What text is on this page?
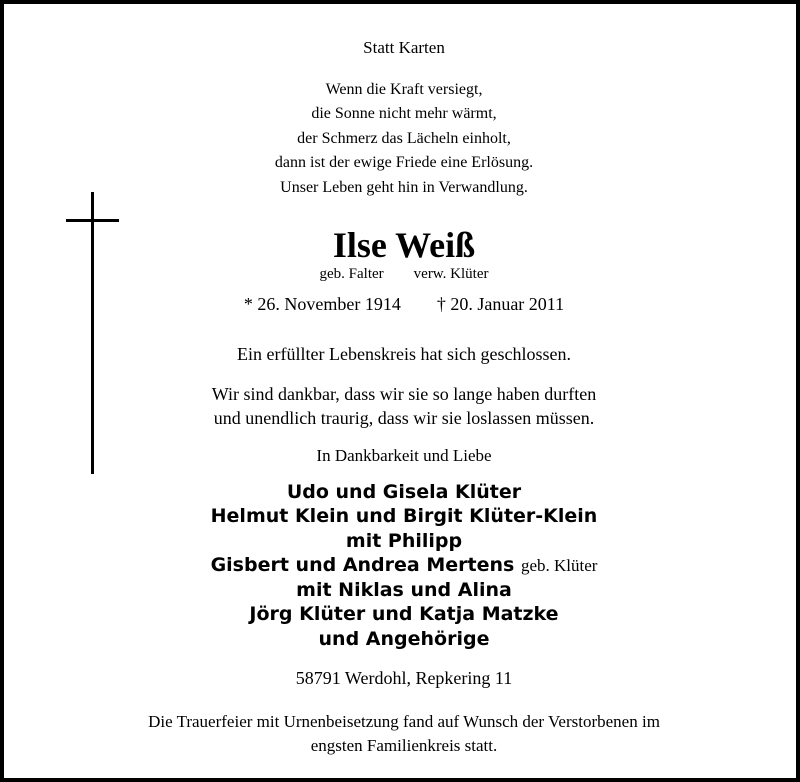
Statt Karten
Wenn die Kraft versiegt,
die Sonne nicht mehr wärmt,
der Schmerz das Lächeln einholt,
dann ist der ewige Friede eine Erlösung.
Unser Leben geht hin in Verwandlung.
Ilse Weiß
geb. Falter verw. Klüter
* 26. November 1914 † 20. Januar 2011
Ein erfüllter Lebenskreis hat sich geschlossen.
Wir sind dankbar, dass wir sie so lange haben durften
und unendlich traurig, dass wir sie loslassen müssen.
In Dankbarkeit und Liebe
Udo und Gisela Klüter
Helmut Klein und Birgit Klüter-Klein
mit Philipp
Gisbert und Andrea Mertens geb. Klüter
mit Niklas und Alina
Jörg Klüter und Katja Matzke
und Angehörige
58791 Werdohl, Repkering 11
Die Trauerfeier mit Urnenbeisetzung fand auf Wunsch der Verstorbenen im
engsten Familienkreis statt.
